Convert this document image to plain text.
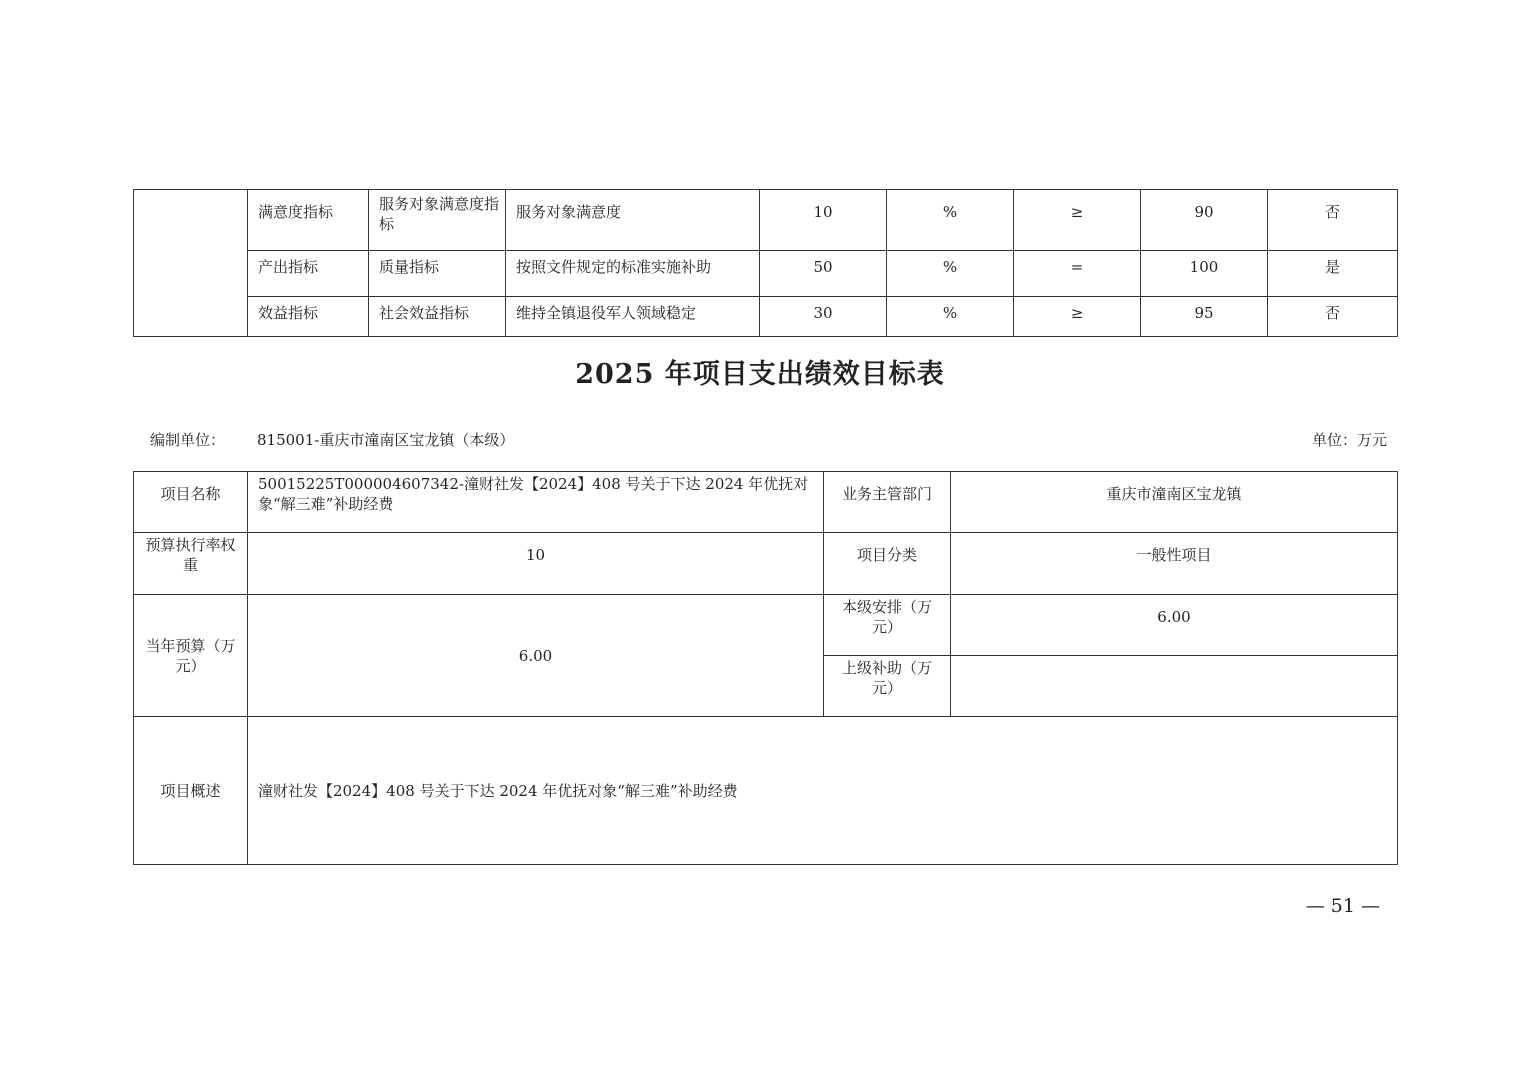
	满意度指标	服务对象满意度指标	服务对象满意度	10	%	≥	90	否
	产出指标	质量指标	按照文件规定的标准实施补助	50	%	=	100	是
	效益指标	社会效益指标	维持全镇退役军人领域稳定	30	%	≥	95	否
2025 年项目支出绩效目标表
编制单位： 815001-重庆市潼南区宝龙镇（本级）	单位：万元
项目名称	50015225T000004607342-潼财社发【2024】408 号关于下达 2024 年优抚对象“解三难”补助经费	业务主管部门	重庆市潼南区宝龙镇
预算执行率权重	10	项目分类	一般性项目
当年预算（万元）	6.00	本级安排（万元）	6.00
		上级补助（万元）	
项目概述	潼财社发【2024】408 号关于下达 2024 年优抚对象“解三难”补助经费		
— 51 —
